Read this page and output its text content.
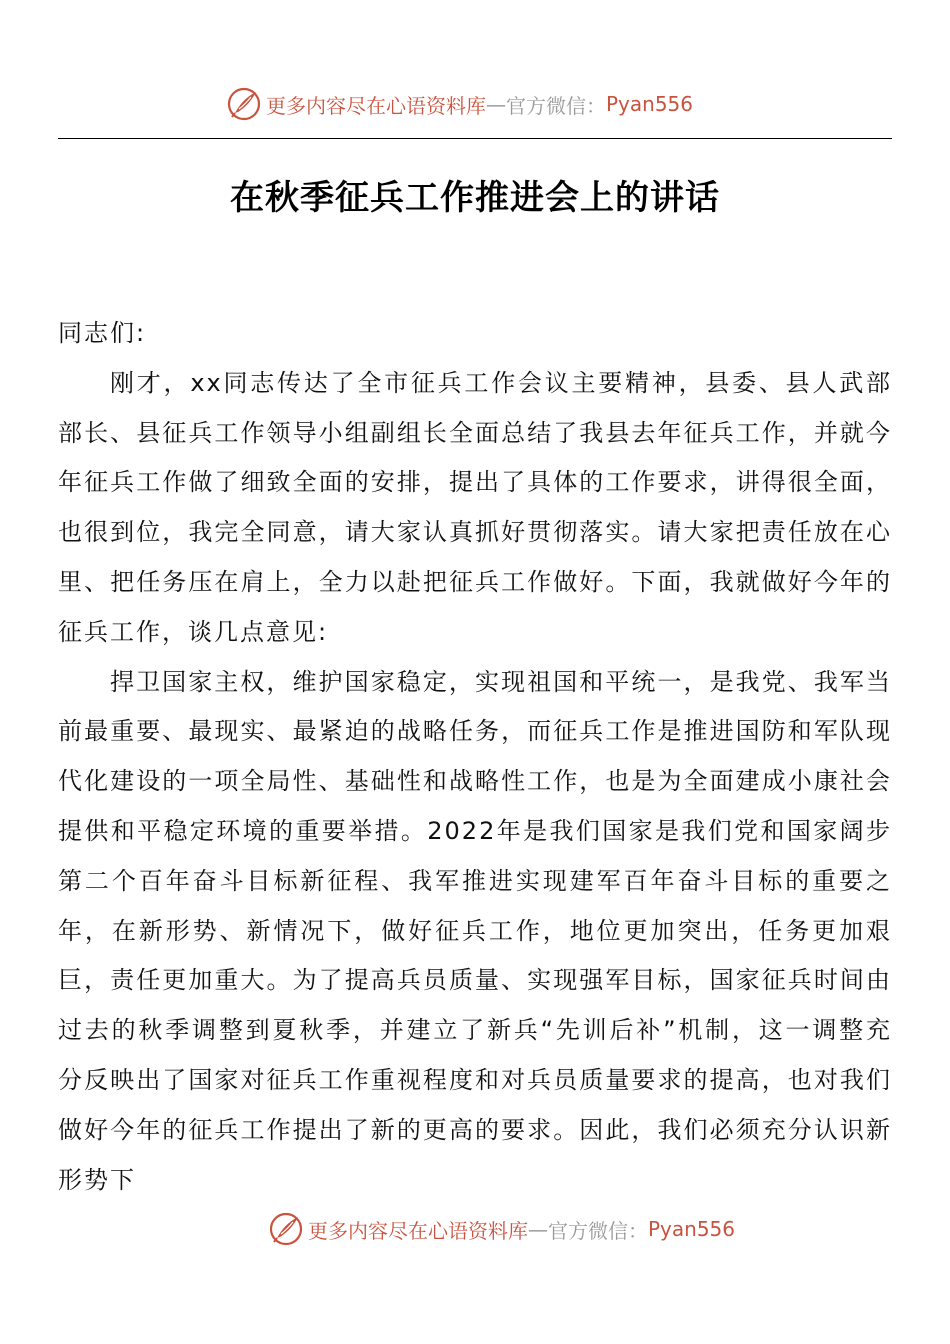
更多内容尽在心语资料库 — 官方微信： Pyan556
在秋季征兵工作推进会上的讲话

同志们:

刚才，xx同志传达了全市征兵工作会议主要精神，县委、县人武部部长、县征兵工作领导小组副组长全面总结了我县去年征兵工作，并就今年征兵工作做了细致全面的安排，提出了具体的工作要求，讲得很全面，也很到位，我完全同意，请大家认真抓好贯彻落实。请大家把责任放在心里、把任务压在肩上，全力以赴把征兵工作做好。下面，我就做好今年的征兵工作，谈几点意见:

捍卫国家主权，维护国家稳定，实现祖国和平统一，是我党、我军当前最重要、最现实、最紧迫的战略任务，而征兵工作是推进国防和军队现代化建设的一项全局性、基础性和战略性工作，也是为全面建成小康社会提供和平稳定环境的重要举措。2022年是我们国家是我们党和国家阔步第二个百年奋斗目标新征程、我军推进实现建军百年奋斗目标的重要之年，在新形势、新情况下，做好征兵工作，地位更加突出，任务更加艰巨，责任更加重大。为了提高兵员质量、实现强军目标，国家征兵时间由过去的秋季调整到夏秋季，并建立了新兵“先训后补”机制，这一调整充分反映出了国家对征兵工作重视程度和对兵员质量要求的提高，也对我们做好今年的征兵工作提出了新的更高的要求。因此，我们必须充分认识新形势下

更多内容尽在心语资料库 — 官方微信： Pyan556
